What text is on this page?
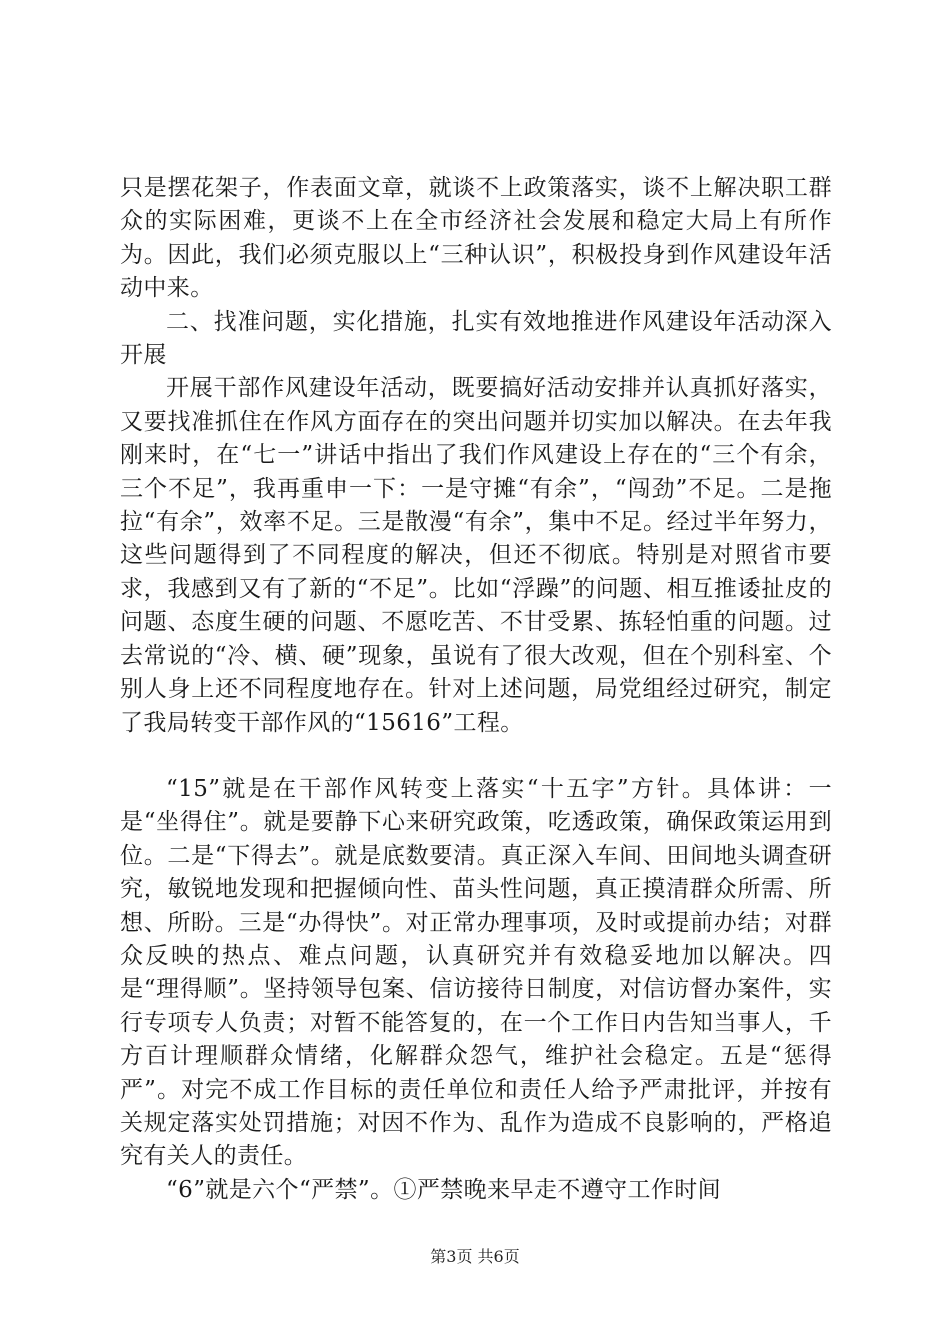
只是摆花架子，作表面文章，就谈不上政策落实，谈不上解决职工群众的实际困难，更谈不上在全市经济社会发展和稳定大局上有所作为。因此，我们必须克服以上“三种认识”，积极投身到作风建设年活动中来。

二、找准问题，实化措施，扎实有效地推进作风建设年活动深入开展

开展干部作风建设年活动，既要搞好活动安排并认真抓好落实，又要找准抓住在作风方面存在的突出问题并切实加以解决。在去年我刚来时，在“七一”讲话中指出了我们作风建设上存在的“三个有余，三个不足”，我再重申一下：一是守摊“有余”，“闯劲”不足。二是拖拉“有余”，效率不足。三是散漫“有余”，集中不足。经过半年努力，这些问题得到了不同程度的解决，但还不彻底。特别是对照省市要求，我感到又有了新的“不足”。比如“浮躁”的问题、相互推诿扯皮的问题、态度生硬的问题、不愿吃苦、不甘受累、拣轻怕重的问题。过去常说的“冷、横、硬”现象，虽说有了很大改观，但在个别科室、个别人身上还不同程度地存在。针对上述问题，局党组经过研究，制定了我局转变干部作风的“15616”工程。

“15”就是在干部作风转变上落实“十五字”方针。具体讲：一是“坐得住”。就是要静下心来研究政策，吃透政策，确保政策运用到位。二是“下得去”。就是底数要清。真正深入车间、田间地头调查研究，敏锐地发现和把握倾向性、苗头性问题，真正摸清群众所需、所想、所盼。三是“办得快”。对正常办理事项，及时或提前办结；对群众反映的热点、难点问题，认真研究并有效稳妥地加以解决。四是“理得顺”。坚持领导包案、信访接待日制度，对信访督办案件，实行专项专人负责；对暂不能答复的，在一个工作日内告知当事人，千方百计理顺群众情绪，化解群众怨气，维护社会稳定。五是“惩得严”。对完不成工作目标的责任单位和责任人给予严肃批评，并按有关规定落实处罚措施；对因不作为、乱作为造成不良影响的，严格追究有关人的责任。

“6”就是六个“严禁”。①严禁晚来早走不遵守工作时间

第3页 共6页
